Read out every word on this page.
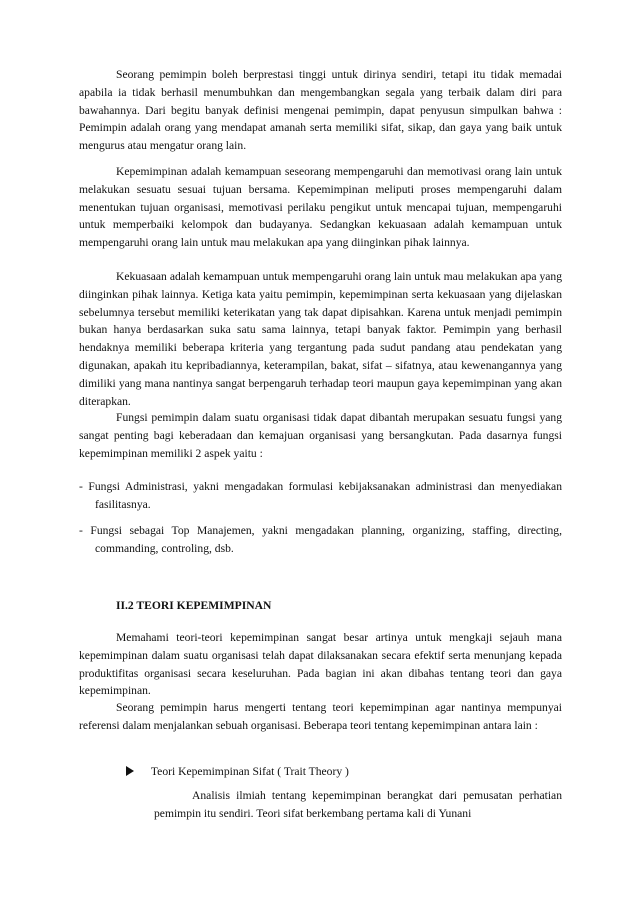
Seorang pemimpin boleh berprestasi tinggi untuk dirinya sendiri, tetapi itu tidak memadai apabila ia tidak berhasil menumbuhkan dan mengembangkan segala yang terbaik dalam diri para bawahannya. Dari begitu banyak definisi mengenai pemimpin, dapat penyusun simpulkan bahwa : Pemimpin adalah orang yang mendapat amanah serta memiliki sifat, sikap, dan gaya yang baik untuk mengurus atau mengatur orang lain.

Kepemimpinan adalah kemampuan seseorang mempengaruhi dan memotivasi orang lain untuk melakukan sesuatu sesuai tujuan bersama. Kepemimpinan meliputi proses mempengaruhi dalam menentukan tujuan organisasi, memotivasi perilaku pengikut untuk mencapai tujuan, mempengaruhi untuk memperbaiki kelompok dan budayanya. Sedangkan kekuasaan adalah kemampuan untuk mempengaruhi orang lain untuk mau melakukan apa yang diinginkan pihak lainnya.

Kekuasaan adalah kemampuan untuk mempengaruhi orang lain untuk mau melakukan apa yang diinginkan pihak lainnya. Ketiga kata yaitu pemimpin, kepemimpinan serta kekuasaan yang dijelaskan sebelumnya tersebut memiliki keterikatan yang tak dapat dipisahkan. Karena untuk menjadi pemimpin bukan hanya berdasarkan suka satu sama lainnya, tetapi banyak faktor. Pemimpin yang berhasil hendaknya memiliki beberapa kriteria yang tergantung pada sudut pandang atau pendekatan yang digunakan, apakah itu kepribadiannya, keterampilan, bakat, sifat – sifatnya, atau kewenangannya yang dimiliki yang mana nantinya sangat berpengaruh terhadap teori maupun gaya kepemimpinan yang akan diterapkan.

Fungsi pemimpin dalam suatu organisasi tidak dapat dibantah merupakan sesuatu fungsi yang sangat penting bagi keberadaan dan kemajuan organisasi yang bersangkutan. Pada dasarnya fungsi kepemimpinan memiliki 2 aspek yaitu :

- Fungsi Administrasi, yakni mengadakan formulasi kebijaksanakan administrasi dan menyediakan fasilitasnya.

- Fungsi sebagai Top Manajemen, yakni mengadakan planning, organizing, staffing, directing, commanding, controling, dsb.

II.2 TEORI KEPEMIMPINAN

Memahami teori-teori kepemimpinan sangat besar artinya untuk mengkaji sejauh mana kepemimpinan dalam suatu organisasi telah dapat dilaksanakan secara efektif serta menunjang kepada produktifitas organisasi secara keseluruhan. Pada bagian ini akan dibahas tentang teori dan gaya kepemimpinan.

Seorang pemimpin harus mengerti tentang teori kepemimpinan agar nantinya mempunyai referensi dalam menjalankan sebuah organisasi. Beberapa teori tentang kepemimpinan antara lain :

Teori Kepemimpinan Sifat ( Trait Theory )

Analisis ilmiah tentang kepemimpinan berangkat dari pemusatan perhatian pemimpin itu sendiri. Teori sifat berkembang pertama kali di Yunani
